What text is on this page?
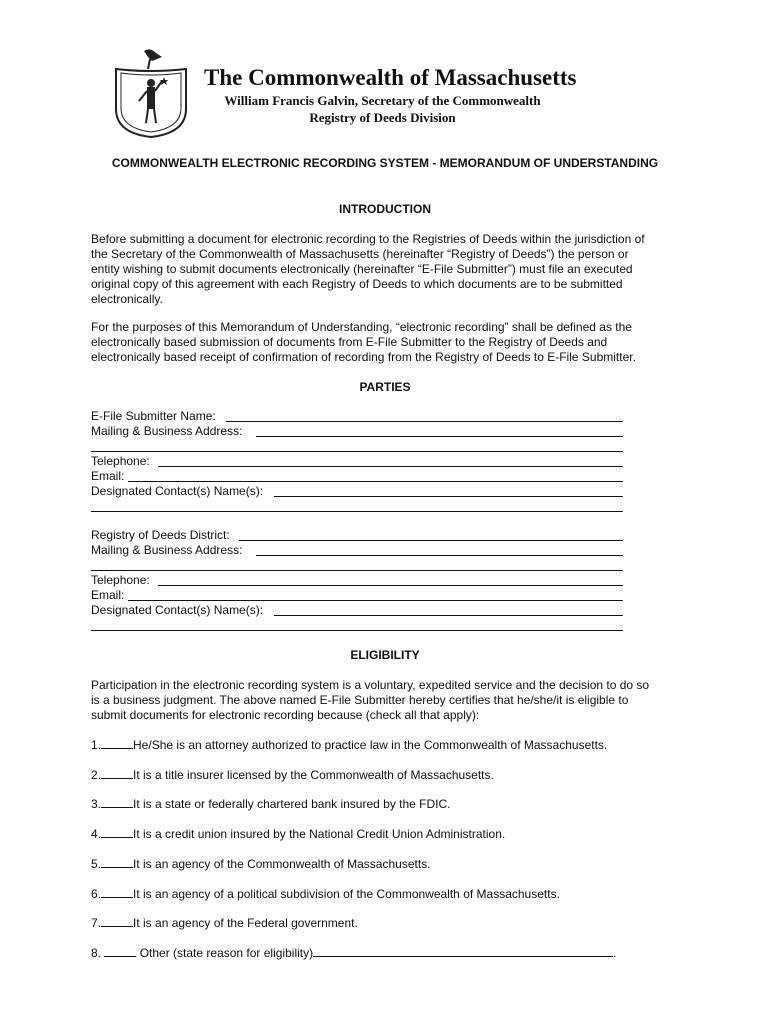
The Commonwealth of Massachusetts
William Francis Galvin, Secretary of the Commonwealth
Registry of Deeds Division
COMMONWEALTH ELECTRONIC RECORDING SYSTEM - MEMORANDUM OF UNDERSTANDING
INTRODUCTION
Before submitting a document for electronic recording to the Registries of Deeds within the jurisdiction of
the Secretary of the Commonwealth of Massachusetts (hereinafter “Registry of Deeds”) the person or
entity wishing to submit documents electronically (hereinafter “E-File Submitter”) must file an executed
original copy of this agreement with each Registry of Deeds to which documents are to be submitted
electronically.
For the purposes of this Memorandum of Understanding, “electronic recording” shall be defined as the
electronically based submission of documents from E-File Submitter to the Registry of Deeds and
electronically based receipt of confirmation of recording from the Registry of Deeds to E-File Submitter.
PARTIES
E-File Submitter Name:
Mailing & Business Address:
Telephone:
Email:
Designated Contact(s) Name(s):
Registry of Deeds District:
Mailing & Business Address:
Telephone:
Email:
Designated Contact(s) Name(s):
ELIGIBILITY
Participation in the electronic recording system is a voluntary, expedited service and the decision to do so
is a business judgment. The above named E-File Submitter hereby certifies that he/she/it is eligible to
submit documents for electronic recording because (check all that apply):
1.	He/She is an attorney authorized to practice law in the Commonwealth of Massachusetts.
2.	It is a title insurer licensed by the Commonwealth of Massachusetts.
3.	It is a state or federally chartered bank insured by the FDIC.
4.	It is a credit union insured by the National Credit Union Administration.
5.	It is an agency of the Commonwealth of Massachusetts.
6.	It is an agency of a political subdivision of the Commonwealth of Massachusetts.
7.	It is an agency of the Federal government.
8.	Other (state reason for eligibility)	.
